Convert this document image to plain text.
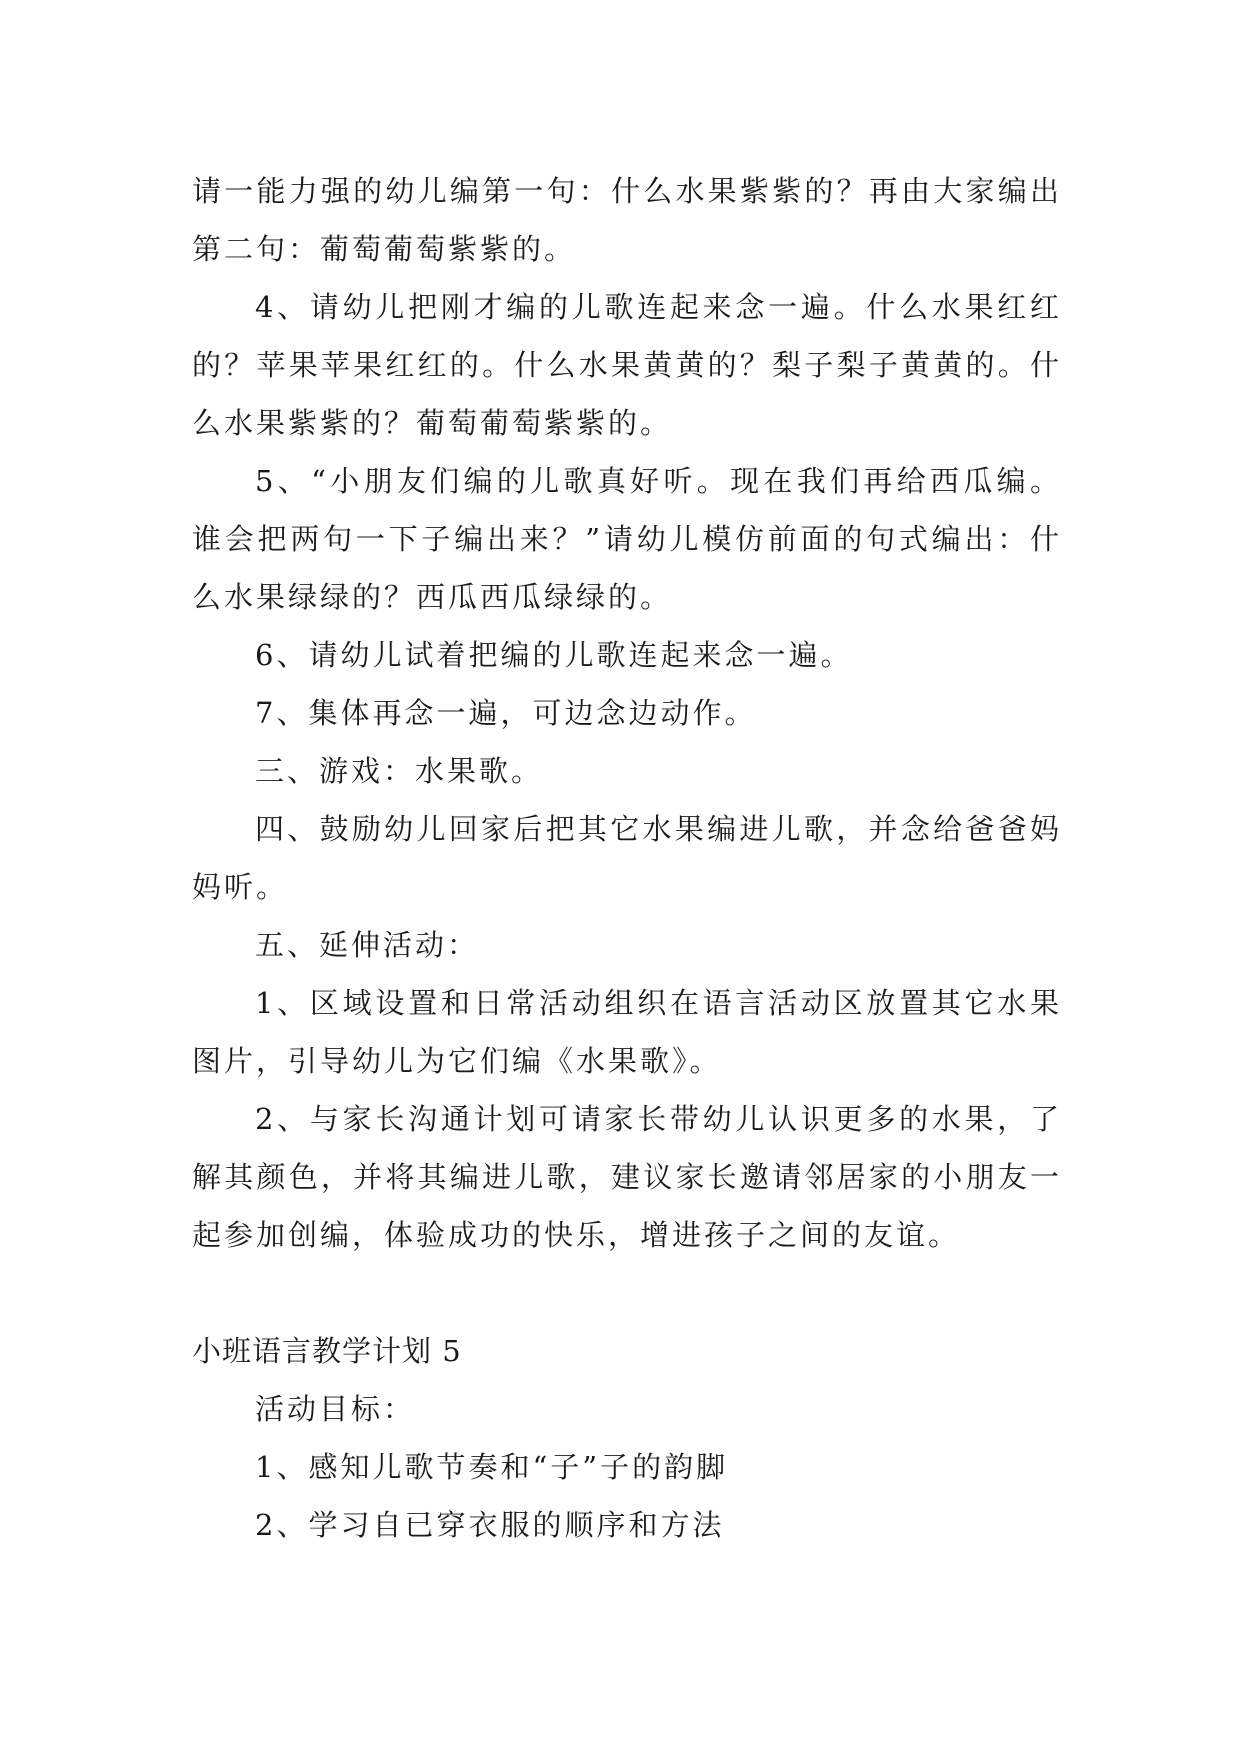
请一能力强的幼儿编第一句：什么水果紫紫的？再由大家编出第二句：葡萄葡萄紫紫的。

4、请幼儿把刚才编的儿歌连起来念一遍。什么水果红红的？苹果苹果红红的。什么水果黄黄的？梨子梨子黄黄的。什么水果紫紫的？葡萄葡萄紫紫的。

5、“小朋友们编的儿歌真好听。现在我们再给西瓜编。谁会把两句一下子编出来？”请幼儿模仿前面的句式编出：什么水果绿绿的？西瓜西瓜绿绿的。

6、请幼儿试着把编的儿歌连起来念一遍。

7、集体再念一遍，可边念边动作。

三、游戏：水果歌。

四、鼓励幼儿回家后把其它水果编进儿歌，并念给爸爸妈妈听。

五、延伸活动：

1、区域设置和日常活动组织在语言活动区放置其它水果图片，引导幼儿为它们编《水果歌》。

2、与家长沟通计划可请家长带幼儿认识更多的水果，了解其颜色，并将其编进儿歌，建议家长邀请邻居家的小朋友一起参加创编，体验成功的快乐，增进孩子之间的友谊。

小班语言教学计划 5

活动目标：

1、感知儿歌节奏和“子”子的韵脚

2、学习自已穿衣服的顺序和方法
